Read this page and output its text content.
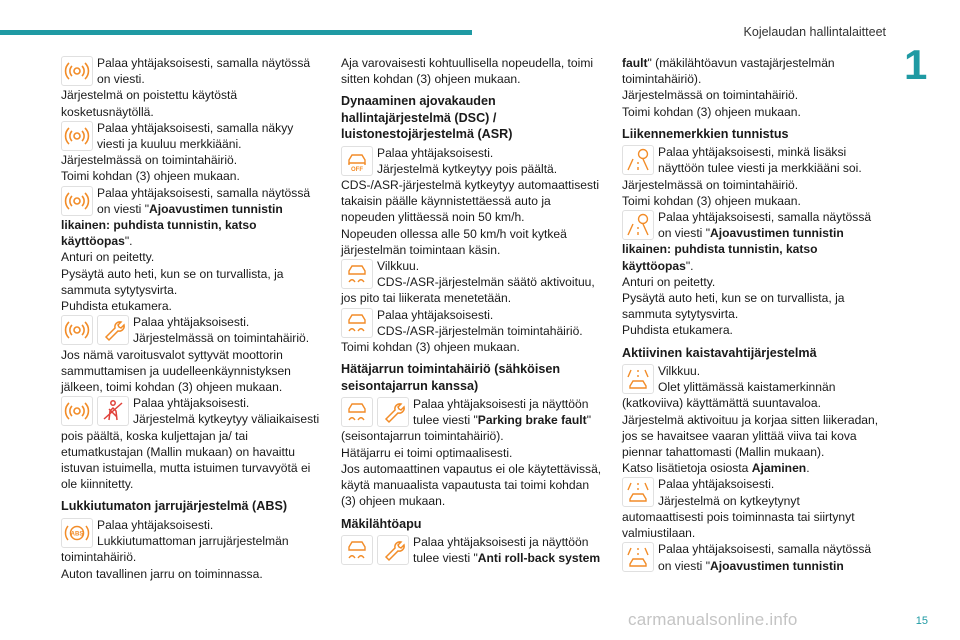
Kojelaudan hallintalaitteet
1
15
carmanualsonline.info

Palaa yhtäjaksoisesti, samalla näytössä on viesti.

Järjestelmä on poistettu käytöstä kosketusnäytöllä.

Palaa yhtäjaksoisesti, samalla näkyy viesti ja kuuluu merkkiääni.

Järjestelmässä on toimintahäiriö.

Toimi kohdan (3) ohjeen mukaan.

Palaa yhtäjaksoisesti, samalla näytössä on viesti "Ajoavustimen tunnistin likainen: puhdista tunnistin, katso käyttöopas".

Anturi on peitetty.

Pysäytä auto heti, kun se on turvallista, ja sammuta sytytysvirta.

Puhdista etukamera.

Palaa yhtäjaksoisesti.

Järjestelmässä on toimintahäiriö.

Jos nämä varoitusvalot syttyvät moottorin sammuttamisen ja uudelleenkäynnistyksen jälkeen, toimi kohdan (3) ohjeen mukaan.

Palaa yhtäjaksoisesti.

Järjestelmä kytkeytyy väliaikaisesti pois päältä, koska kuljettajan ja/ tai etumatkustajan (Mallin mukaan) on havaittu istuvan istuimella, mutta istuimen turvavyötä ei ole kiinnitetty.

Lukkiutumaton jarrujärjestelmä (ABS)
ABS

Palaa yhtäjaksoisesti.

Lukkiutumattoman jarrujärjestelmän toimintahäiriö.

Auton tavallinen jarru on toiminnassa.

Aja varovaisesti kohtuullisella nopeudella, toimi sitten kohdan (3) ohjeen mukaan.

Dynaaminen ajovakauden hallintajärjestelmä (DSC) / luistonestojärjestelmä (ASR)
OFF

Palaa yhtäjaksoisesti.

Järjestelmä kytkeytyy pois päältä.

CDS-/ASR-järjestelmä kytkeytyy automaattisesti takaisin päälle käynnistettäessä auto ja nopeuden ylittäessä noin 50 km/h.

Nopeuden ollessa alle 50 km/h voit kytkeä järjestelmän toimintaan käsin.

Vilkkuu.

CDS-/ASR-järjestelmän säätö aktivoituu, jos pito tai liikerata menetetään.

Palaa yhtäjaksoisesti.

CDS-/ASR-järjestelmän toimintahäiriö.

Toimi kohdan (3) ohjeen mukaan.

Hätäjarrun toimintahäiriö (sähköisen seisontajarrun kanssa)

Palaa yhtäjaksoisesti ja näyttöön tulee viesti "Parking brake fault"

(seisontajarrun toimintahäiriö).

Hätäjarru ei toimi optimaalisesti.

Jos automaattinen vapautus ei ole käytettävissä, käytä manuaalista vapautusta tai toimi kohdan (3) ohjeen mukaan.

Mäkilähtöapu

Palaa yhtäjaksoisesti ja näyttöön tulee viesti "Anti roll-back system

fault" (mäkilähtöavun vastajärjestelmän toimintahäiriö).

Järjestelmässä on toimintahäiriö.

Toimi kohdan (3) ohjeen mukaan.

Liikennemerkkien tunnistus

Palaa yhtäjaksoisesti, minkä lisäksi näyttöön tulee viesti ja merkkiääni soi.

Järjestelmässä on toimintahäiriö.

Toimi kohdan (3) ohjeen mukaan.

Palaa yhtäjaksoisesti, samalla näytössä on viesti "Ajoavustimen tunnistin likainen: puhdista tunnistin, katso käyttöopas".

Anturi on peitetty.

Pysäytä auto heti, kun se on turvallista, ja sammuta sytytysvirta.

Puhdista etukamera.

Aktiivinen kaistavahtijärjestelmä

Vilkkuu.

Olet ylittämässä kaistamerkinnän (katkoviiva) käyttämättä suuntavaloa.

Järjestelmä aktivoituu ja korjaa sitten liikeradan, jos se havaitsee vaaran ylittää viiva tai kova piennar tahattomasti (Mallin mukaan).

Katso lisätietoja osiosta Ajaminen.

Palaa yhtäjaksoisesti.

Järjestelmä on kytkeytynyt automaattisesti pois toiminnasta tai siirtynyt valmiustilaan.

Palaa yhtäjaksoisesti, samalla näytössä on viesti "Ajoavustimen tunnistin
